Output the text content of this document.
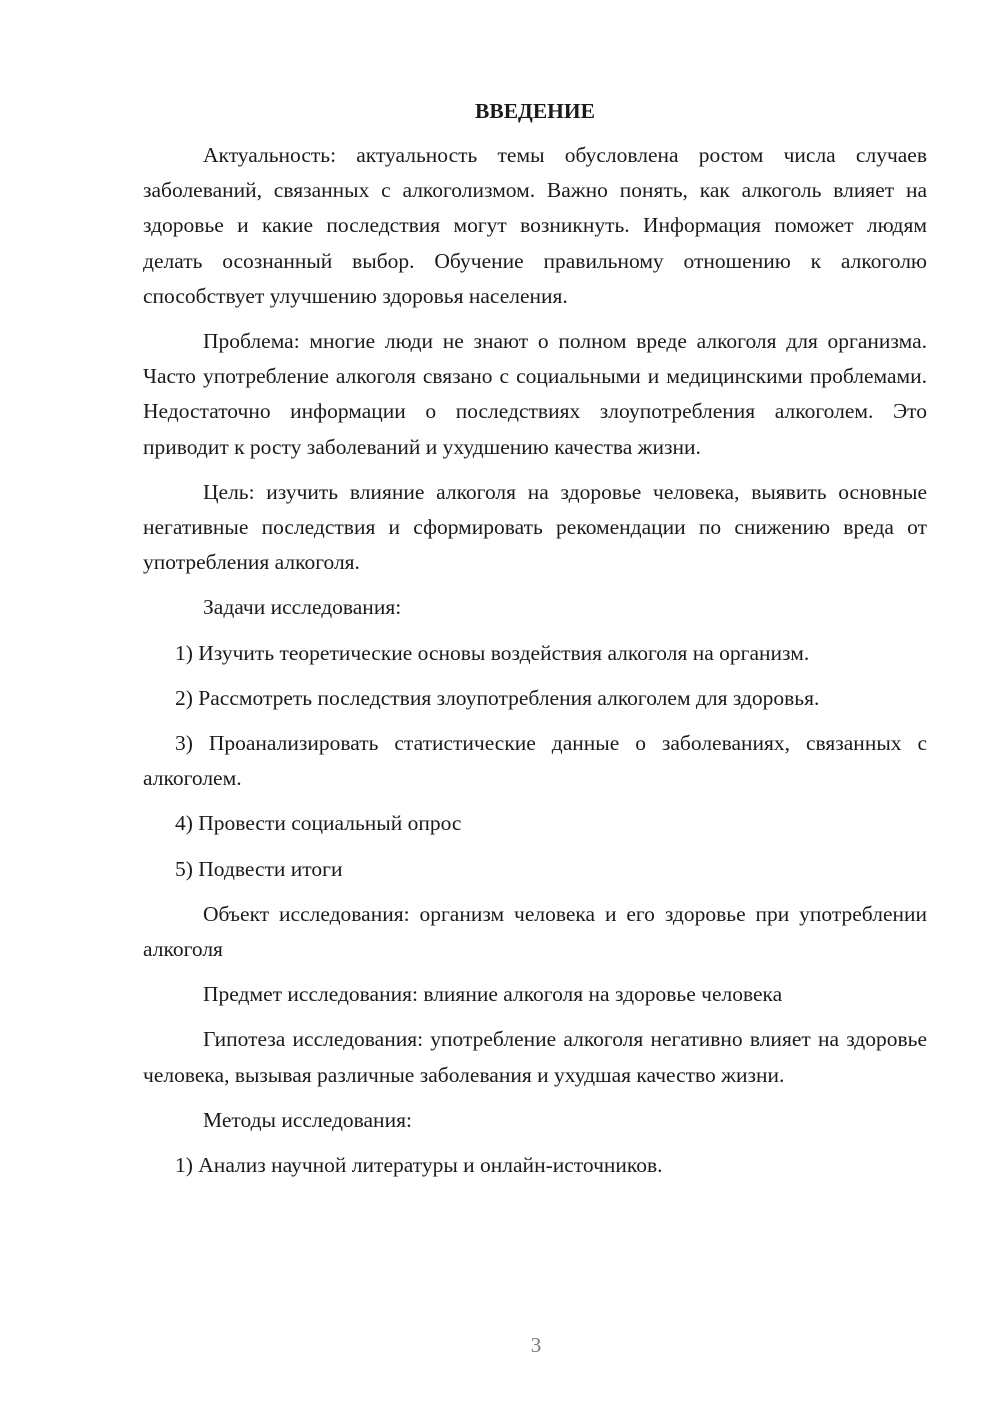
ВВЕДЕНИЕ
Актуальность: актуальность темы обусловлена ростом числа случаев заболеваний, связанных с алкоголизмом. Важно понять, как алкоголь влияет на здоровье и какие последствия могут возникнуть. Информация поможет людям делать осознанный выбор. Обучение правильному отношению к алкоголю способствует улучшению здоровья населения.
Проблема: многие люди не знают о полном вреде алкоголя для организма. Часто употребление алкоголя связано с социальными и медицинскими проблемами. Недостаточно информации о последствиях злоупотребления алкоголем. Это приводит к росту заболеваний и ухудшению качества жизни.
Цель: изучить влияние алкоголя на здоровье человека, выявить основные негативные последствия и сформировать рекомендации по снижению вреда от употребления алкоголя.
Задачи исследования:
1) Изучить теоретические основы воздействия алкоголя на организм.
2) Рассмотреть последствия злоупотребления алкоголем для здоровья.
3) Проанализировать статистические данные о заболеваниях, связанных с алкоголем.
4) Провести социальный опрос
5) Подвести итоги
Объект исследования: организм человека и его здоровье при употреблении алкоголя
Предмет исследования: влияние алкоголя на здоровье человека
Гипотеза исследования: употребление алкоголя негативно влияет на здоровье человека, вызывая различные заболевания и ухудшая качество жизни.
Методы исследования:
1) Анализ научной литературы и онлайн-источников.
3
